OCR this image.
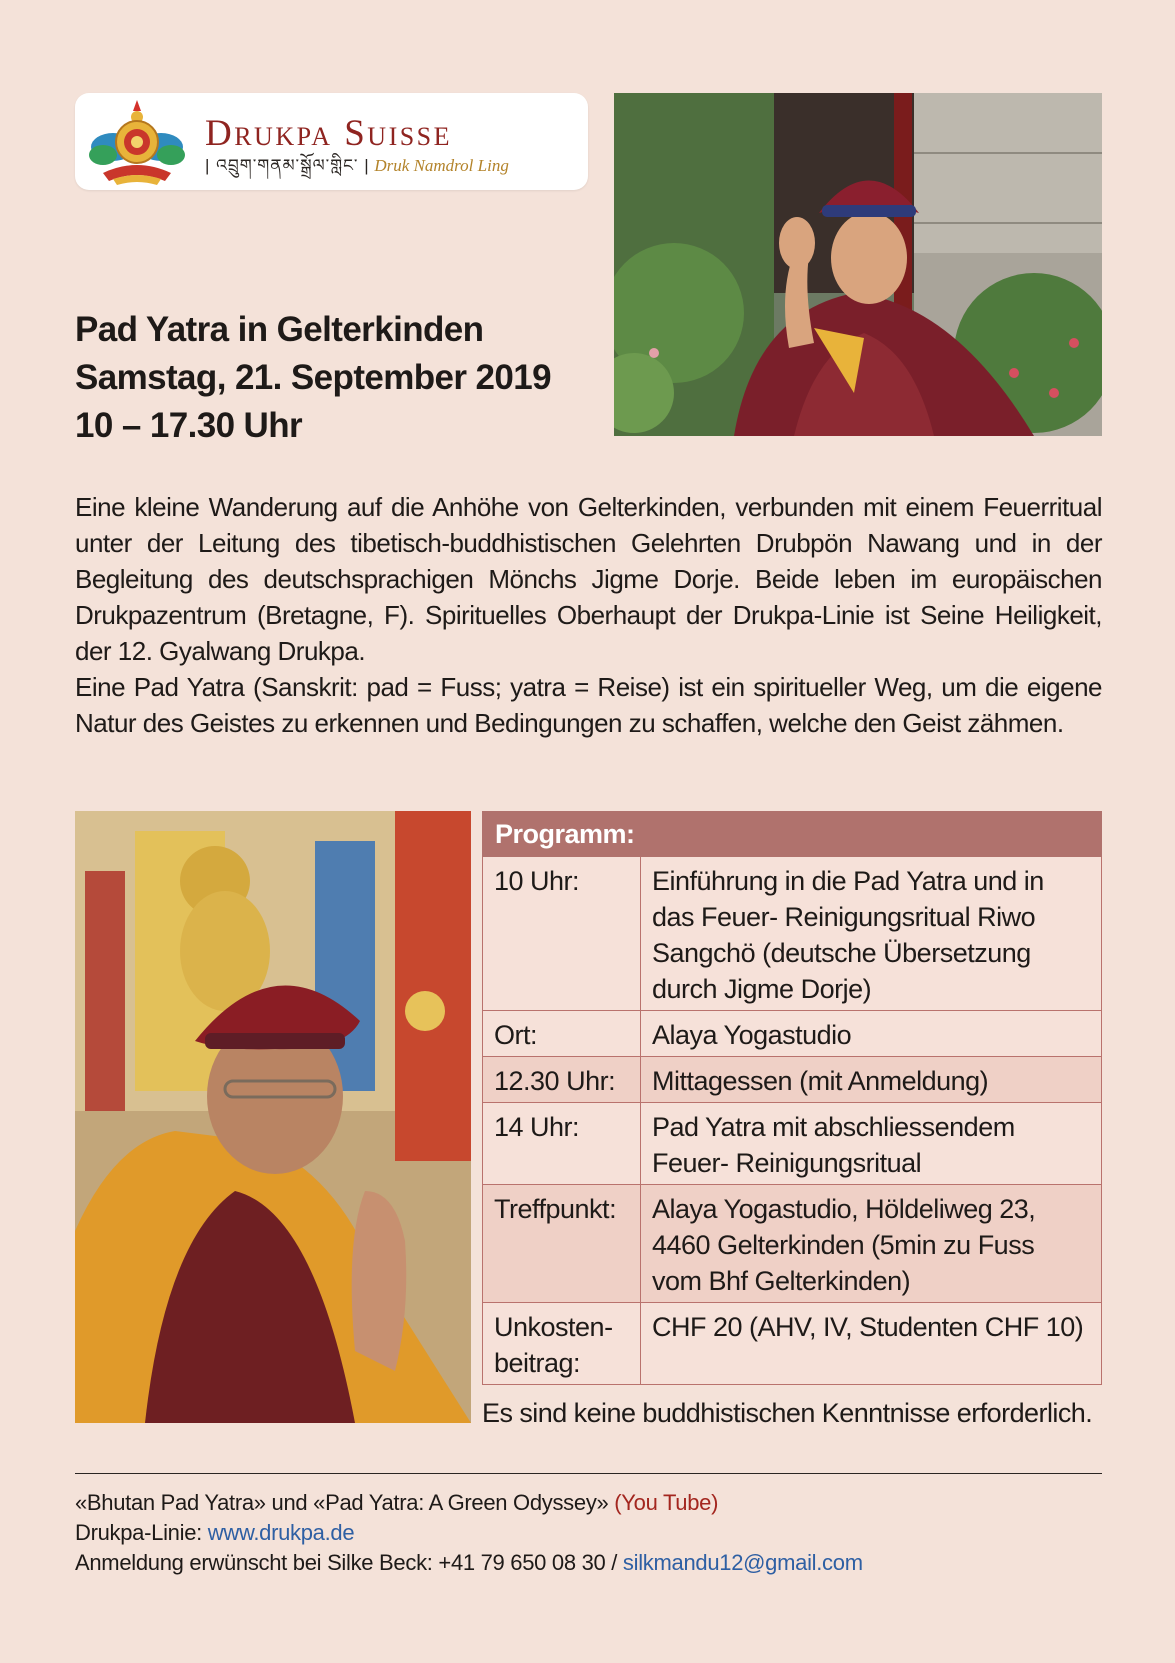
Drukpa Suisse
| འབྲུག་གནམ་སྒྲོལ་གླིང་ | Druk Namdrol Ling
Pad Yatra in Gelterkinden
Samstag, 21. September 2019
10 – 17.30 Uhr

Eine kleine Wanderung auf die Anhöhe von Gelterkinden, verbunden mit einem Feuerritual unter der Leitung des tibetisch-buddhistischen Gelehrten Drubpön Nawang und in der Begleitung des deutschsprachigen Mönchs Jigme Dorje. Beide leben im europäischen Drukpazentrum (Bretagne, F). Spirituelles Oberhaupt der Drukpa-Linie ist Seine Heiligkeit, der 12. Gyalwang Drukpa.

Eine Pad Yatra (Sanskrit: pad = Fuss; yatra = Reise) ist ein spiritueller Weg, um die eigene Natur des Geistes zu erkennen und Bedingungen zu schaffen, welche den Geist zähmen.

Programm:	
10 Uhr:	Einführung in die Pad Yatra und in das Feuer- Reinigungsritual Riwo Sangchö (deutsche Übersetzung durch Jigme Dorje)
Ort:	Alaya Yogastudio
12.30 Uhr:	Mittagessen (mit Anmeldung)
14 Uhr:	Pad Yatra mit abschliessendem Feuer- Reinigungsritual
Treffpunkt:	Alaya Yogastudio, Höldeliweg 23, 4460 Gelterkinden (5min zu Fuss vom Bhf Gelterkinden)
Unkosten-
beitrag:	CHF 20 (AHV, IV, Studenten CHF 10)
Es sind keine buddhistischen Kenntnisse erforderlich.
«Bhutan Pad Yatra» und «Pad Yatra: A Green Odyssey» (You Tube)
Drukpa-Linie: www.drukpa.de
Anmeldung erwünscht bei Silke Beck: +41 79 650 08 30 / silkmandu12@gmail.com
